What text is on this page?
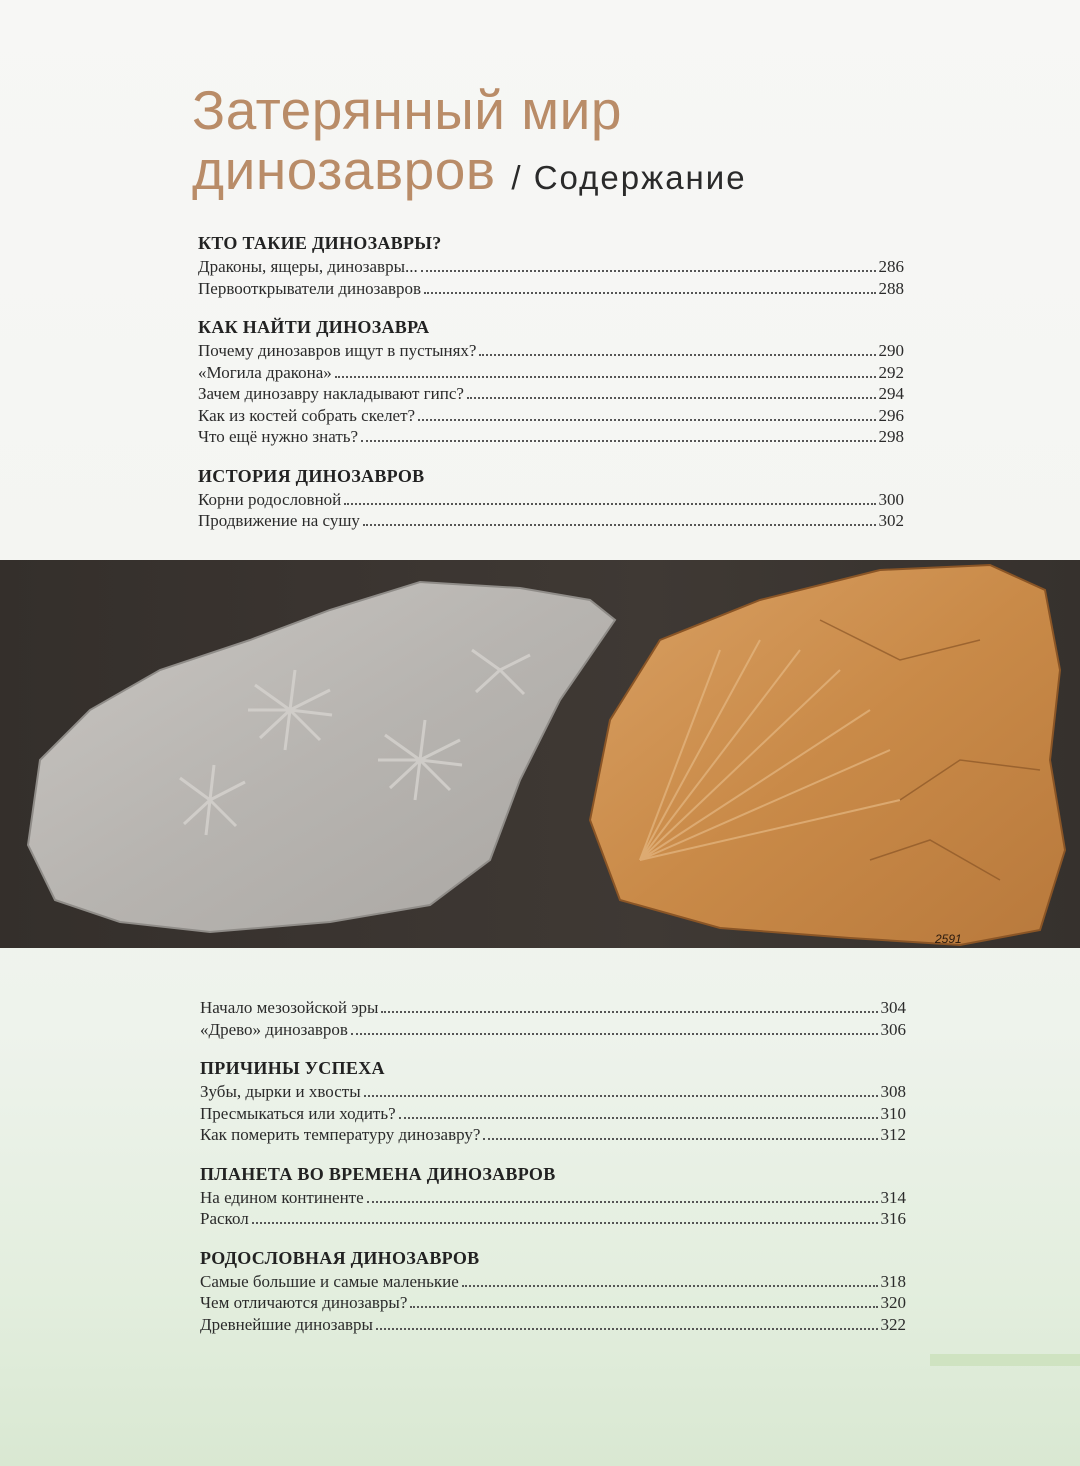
Затерянный мир
динозавров / Содержание
КТО ТАКИЕ ДИНОЗАВРЫ?
Драконы, ящеры, динозавры...	286
Первооткрыватели динозавров	288
КАК НАЙТИ ДИНОЗАВРА
Почему динозавров ищут в пустынях?	290
«Могила дракона»	292
Зачем динозавру накладывают гипс?	294
Как из костей собрать скелет?	296
Что ещё нужно знать?	298
ИСТОРИЯ ДИНОЗАВРОВ
Корни родословной	300
Продвижение на сушу	302
2591
Начало мезозойской эры	304
«Древо» динозавров	306
ПРИЧИНЫ УСПЕХА
Зубы, дырки и хвосты	308
Пресмыкаться или ходить?	310
Как померить температуру динозавру?	312
ПЛАНЕТА ВО ВРЕМЕНА ДИНОЗАВРОВ
На едином континенте	314
Раскол	316
РОДОСЛОВНАЯ ДИНОЗАВРОВ
Самые большие и самые маленькие	318
Чем отличаются динозавры?	320
Древнейшие динозавры	322
